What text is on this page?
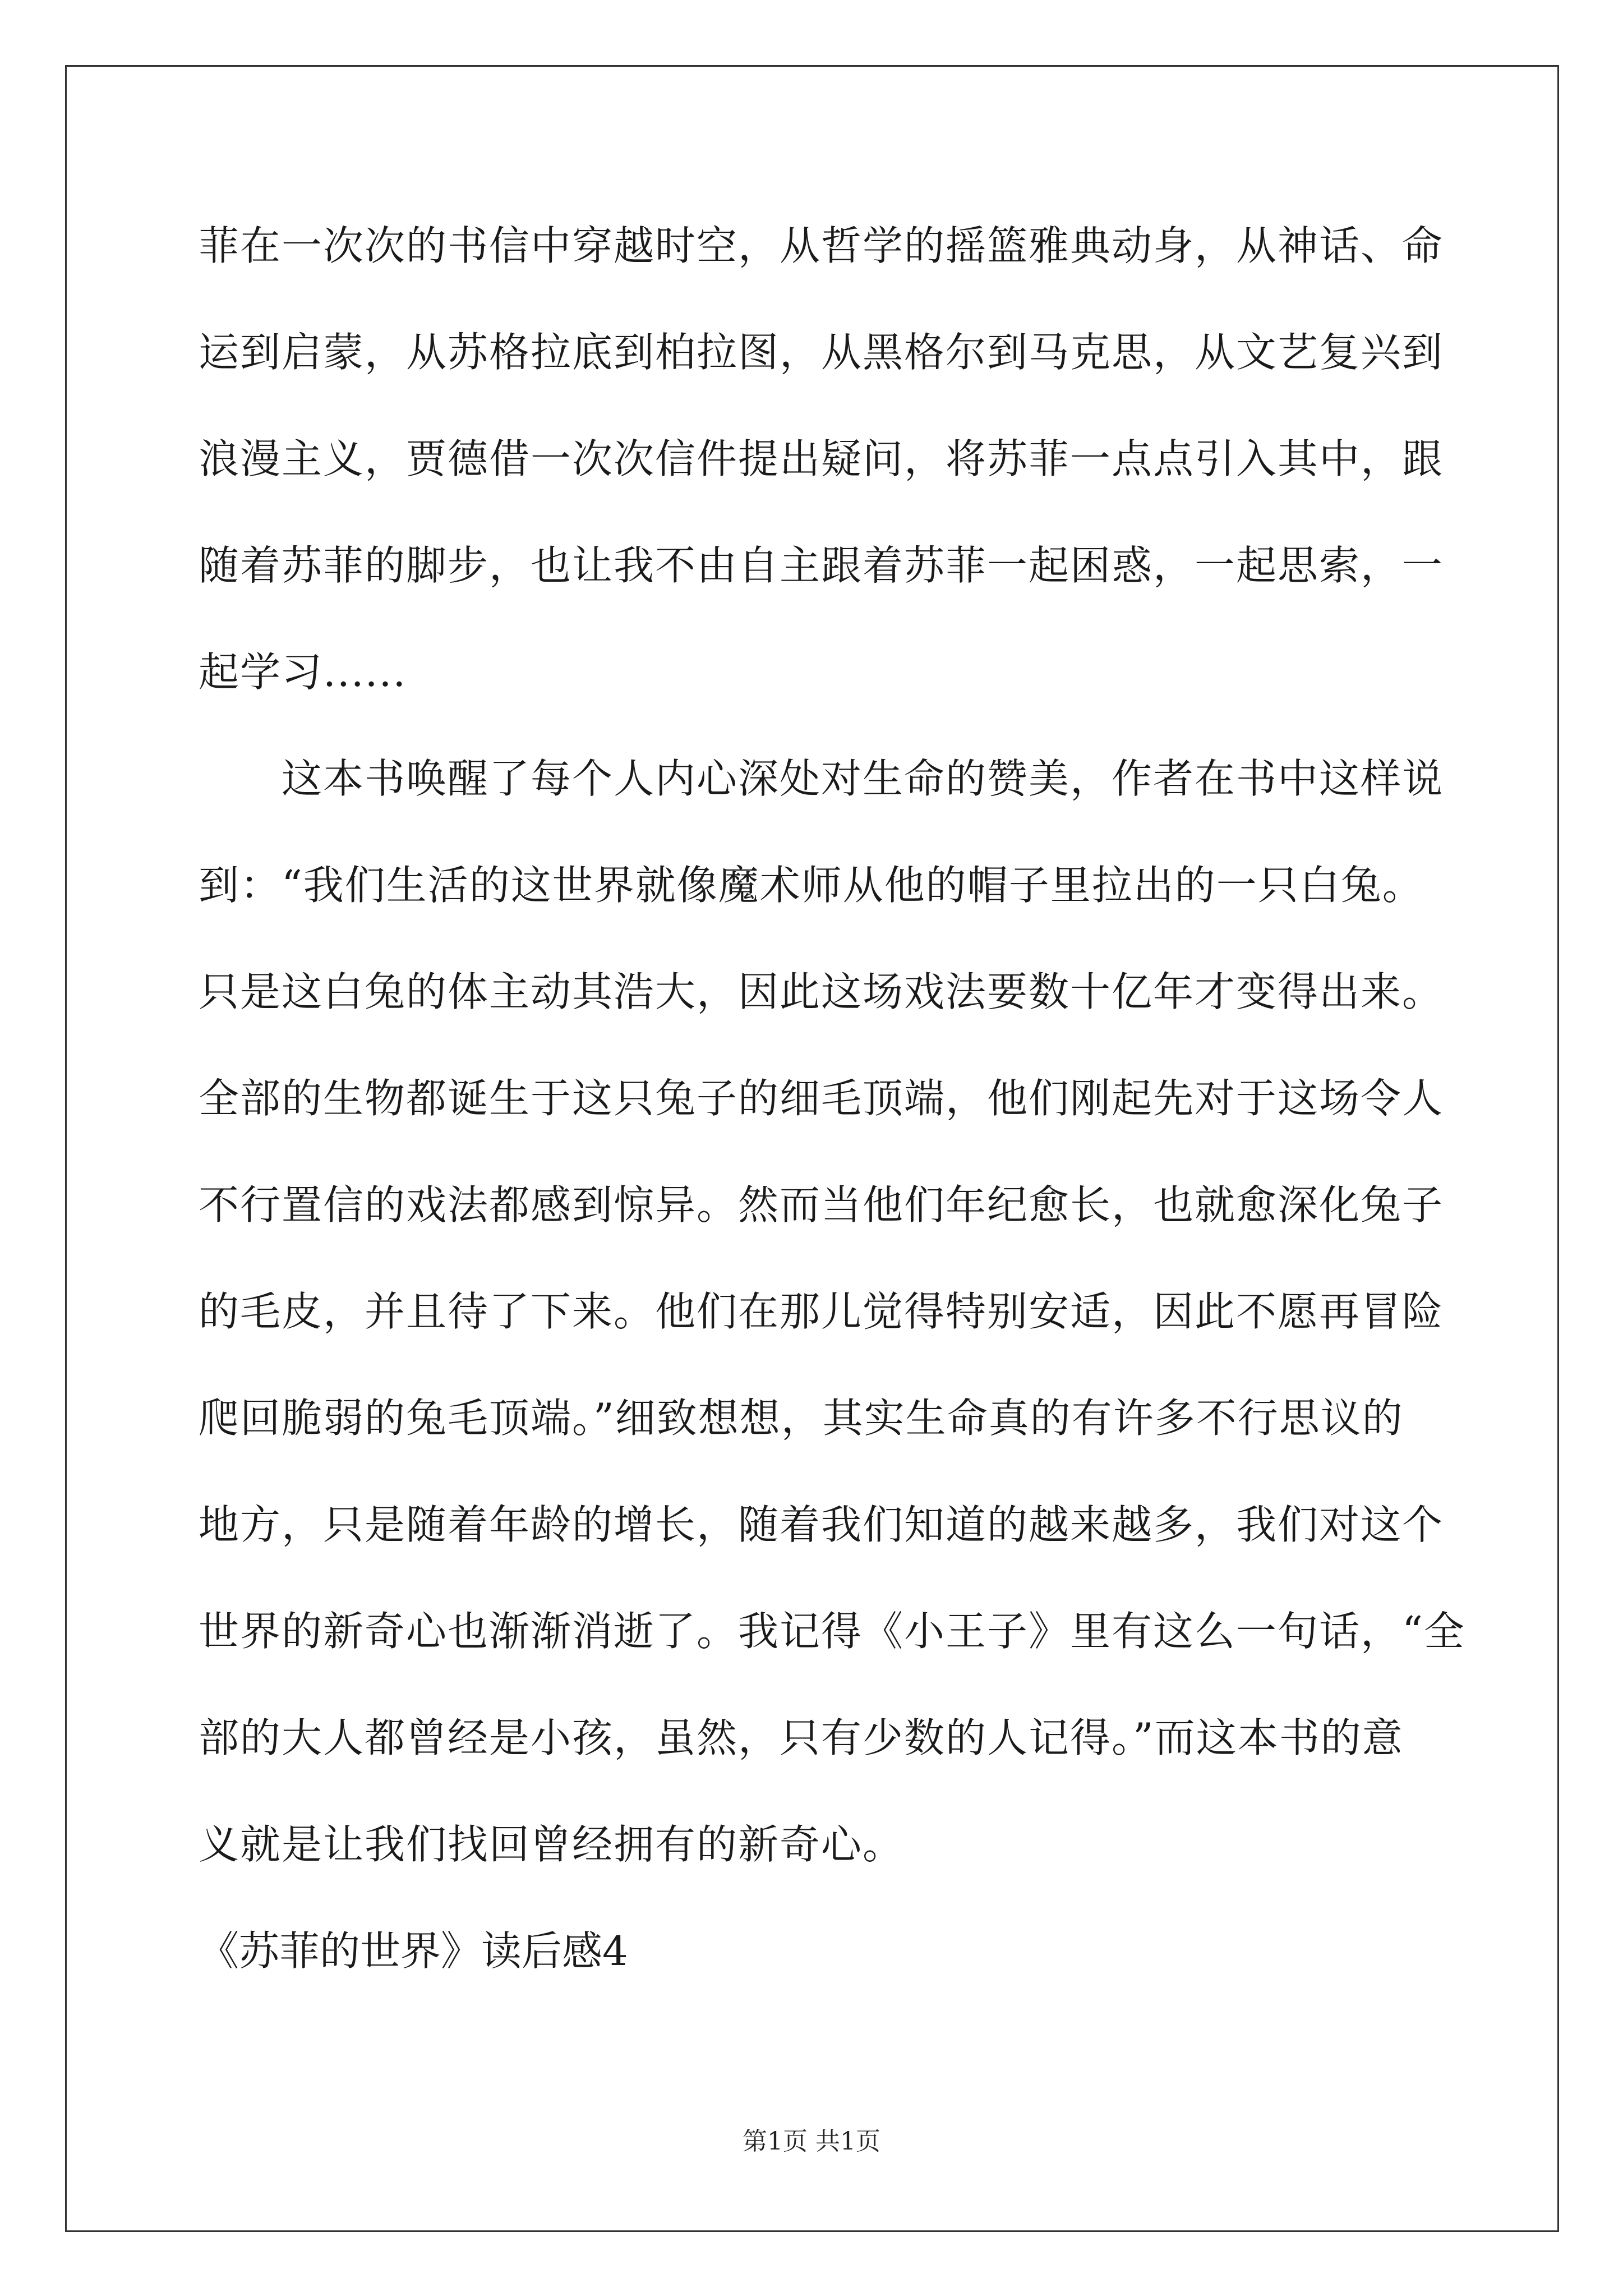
菲在一次次的书信中穿越时空，从哲学的摇篮雅典动身，从神话、命
运到启蒙，从苏格拉底到柏拉图，从黑格尔到马克思，从文艺复兴到
浪漫主义，贾德借一次次信件提出疑问，将苏菲一点点引入其中，跟
随着苏菲的脚步，也让我不由自主跟着苏菲一起困惑，一起思索，一
起学习......
　　这本书唤醒了每个人内心深处对生命的赞美，作者在书中这样说
到：“我们生活的这世界就像魔术师从他的帽子里拉出的一只白兔。
只是这白兔的体主动其浩大，因此这场戏法要数十亿年才变得出来。
全部的生物都诞生于这只兔子的细毛顶端，他们刚起先对于这场令人
不行置信的戏法都感到惊异。然而当他们年纪愈长，也就愈深化兔子
的毛皮，并且待了下来。他们在那儿觉得特别安适，因此不愿再冒险
爬回脆弱的兔毛顶端。”细致想想，其实生命真的有许多不行思议的
地方，只是随着年龄的增长，随着我们知道的越来越多，我们对这个
世界的新奇心也渐渐消逝了。我记得《小王子》里有这么一句话，“全
部的大人都曾经是小孩，虽然，只有少数的人记得。”而这本书的意
义就是让我们找回曾经拥有的新奇心。
《苏菲的世界》读后感4
第1页 共1页
